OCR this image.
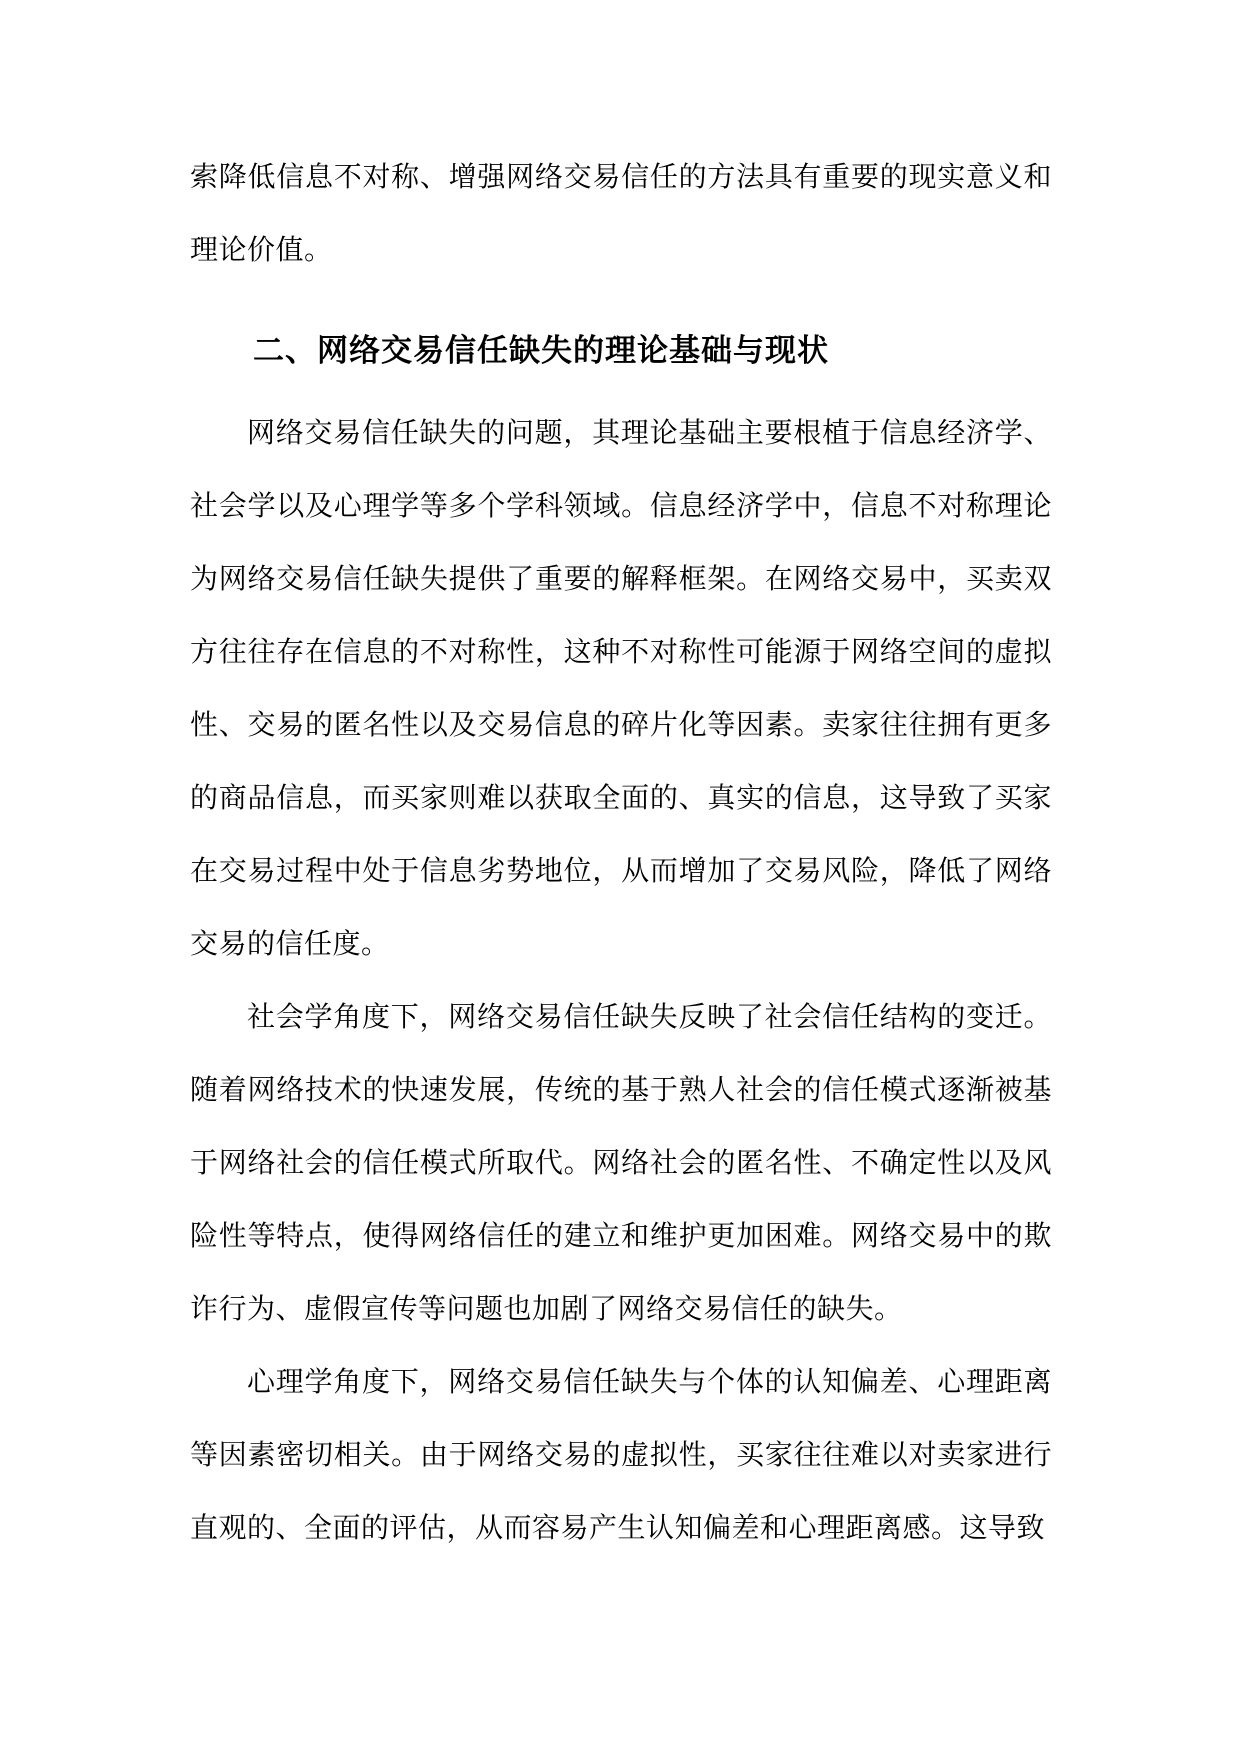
索降低信息不对称、增强网络交易信任的方法具有重要的现实意义和理论价值。

二、网络交易信任缺失的理论基础与现状

网络交易信任缺失的问题，其理论基础主要根植于信息经济学、社会学以及心理学等多个学科领域。信息经济学中，信息不对称理论为网络交易信任缺失提供了重要的解释框架。在网络交易中，买卖双方往往存在信息的不对称性，这种不对称性可能源于网络空间的虚拟性、交易的匿名性以及交易信息的碎片化等因素。卖家往往拥有更多的商品信息，而买家则难以获取全面的、真实的信息，这导致了买家在交易过程中处于信息劣势地位，从而增加了交易风险，降低了网络交易的信任度。

社会学角度下，网络交易信任缺失反映了社会信任结构的变迁。随着网络技术的快速发展，传统的基于熟人社会的信任模式逐渐被基于网络社会的信任模式所取代。网络社会的匿名性、不确定性以及风险性等特点，使得网络信任的建立和维护更加困难。网络交易中的欺诈行为、虚假宣传等问题也加剧了网络交易信任的缺失。

心理学角度下，网络交易信任缺失与个体的认知偏差、心理距离等因素密切相关。由于网络交易的虚拟性，买家往往难以对卖家进行直观的、全面的评估，从而容易产生认知偏差和心理距离感。这导致
